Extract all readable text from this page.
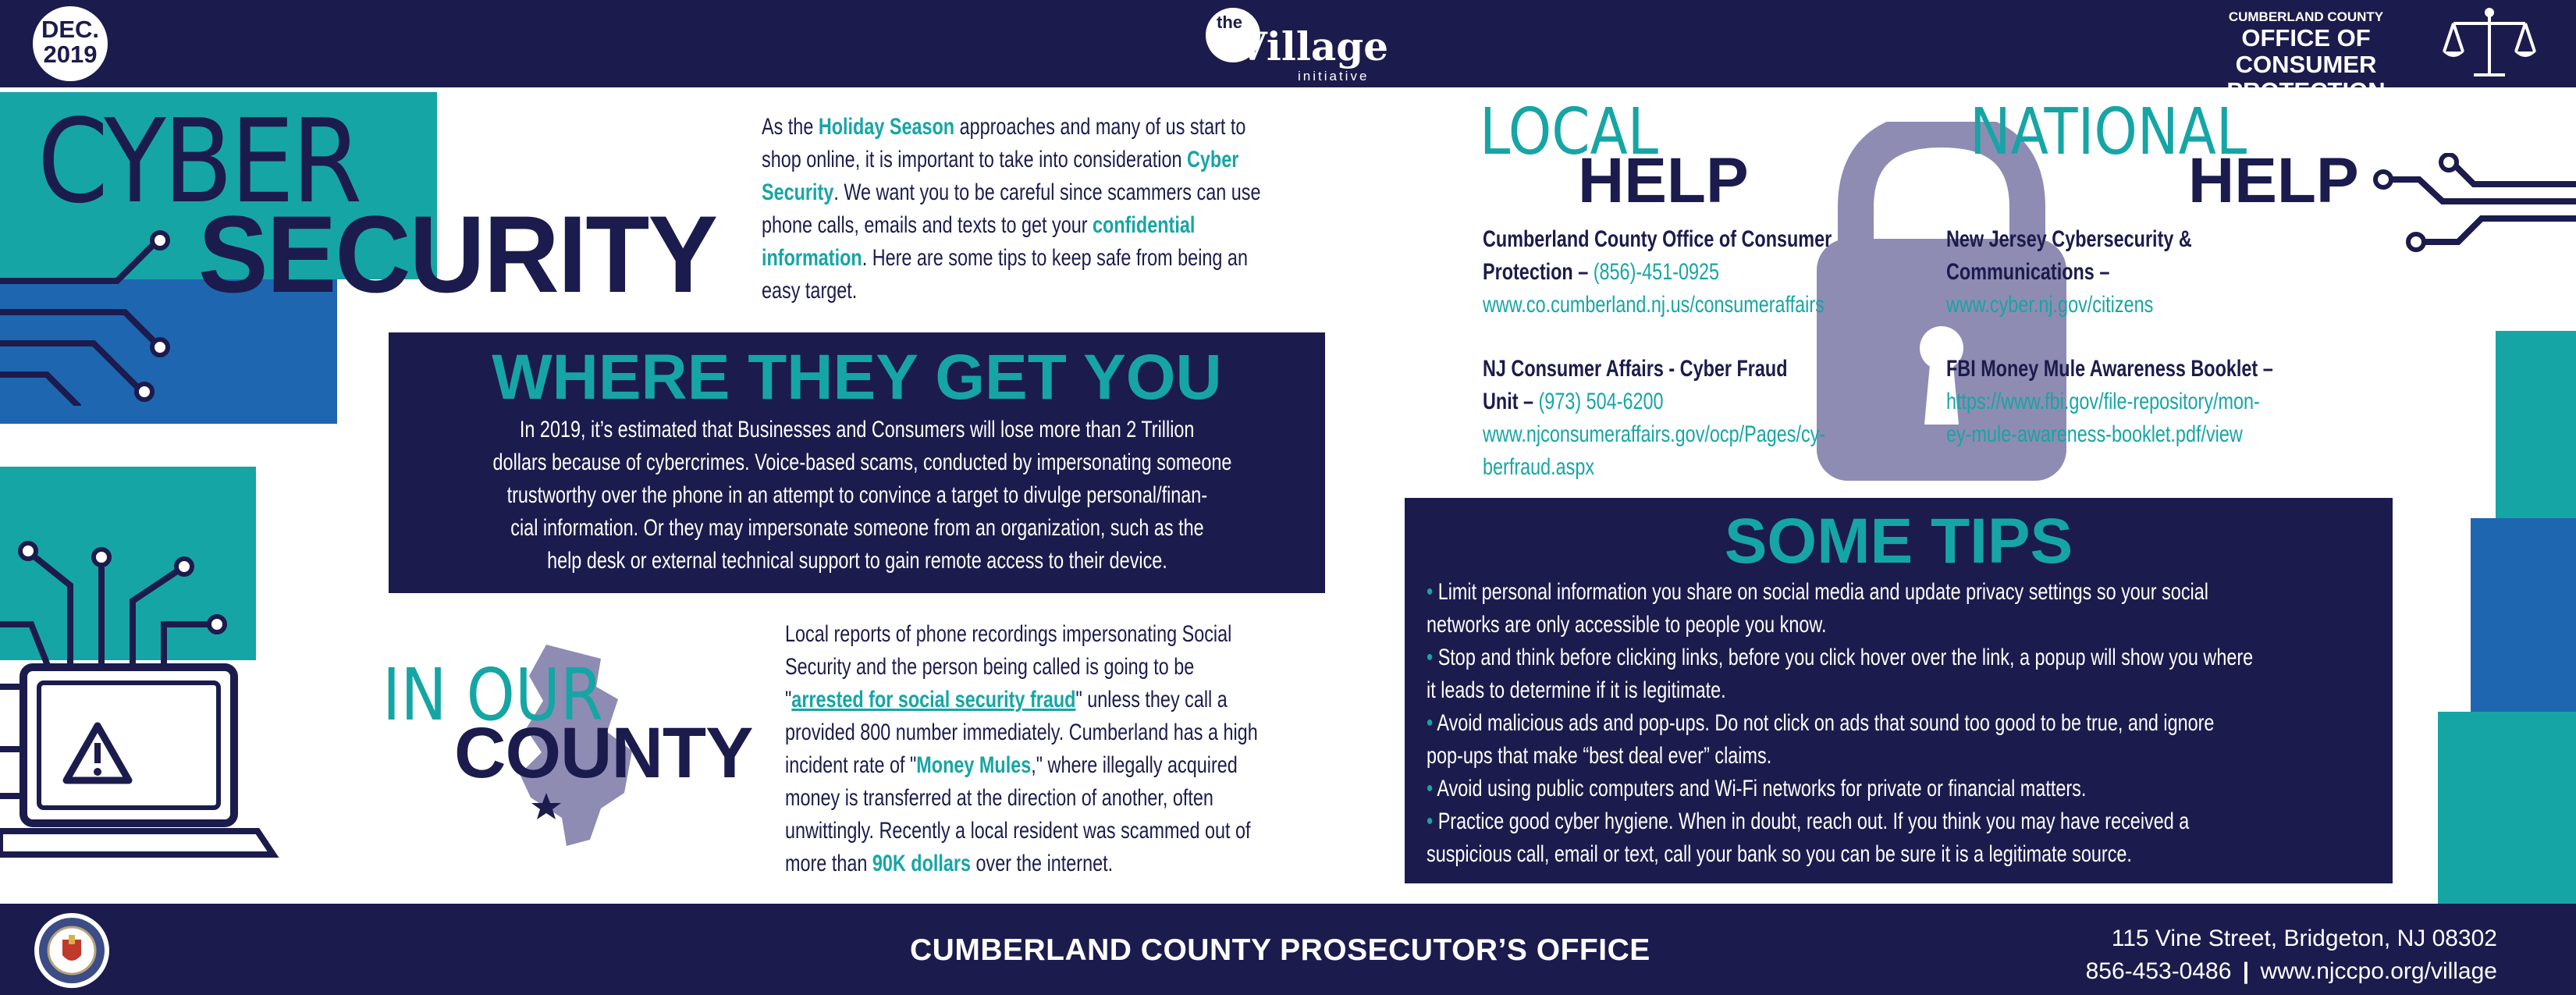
DEC.
2019
the
Village
initiative
CUMBERLAND COUNTY
OFFICE OF CONSUMER
PROTECTION
CYBER
SECURITY
As the Holiday Season approaches and many of us start to
shop online, it is important to take into consideration Cyber
Security. We want you to be careful since scammers can use
phone calls, emails and texts to get your confidential
information. Here are some tips to keep safe from being an
easy target.
WHERE THEY GET YOU
In 2019, it’s estimated that Businesses and Consumers will lose more than 2 Trillion
dollars because of cybercrimes. Voice-based scams, conducted by impersonating someone
trustworthy over the phone in an attempt to convince a target to divulge personal/finan-
cial information. Or they may impersonate someone from an organization, such as the
help desk or external technical support to gain remote access to their device.
IN OUR
COUNTY
Local reports of phone recordings impersonating Social
Security and the person being called is going to be
"arrested for social security fraud" unless they call a
provided 800 number immediately. Cumberland has a high
incident rate of "Money Mules," where illegally acquired
money is transferred at the direction of another, often
unwittingly. Recently a local resident was scammed out of
more than 90K dollars over the internet.
LOCAL
HELP
Cumberland County Office of Consumer
Protection – (856)-451-0925
www.co.cumberland.nj.us/consumeraffairs
NJ Consumer Affairs - Cyber Fraud
Unit – (973) 504-6200
www.njconsumeraffairs.gov/ocp/Pages/cy-
berfraud.aspx
NATIONAL
HELP
New Jersey Cybersecurity &
Communications –
www.cyber.nj.gov/citizens
FBI Money Mule Awareness Booklet –
https://www.fbi.gov/file-repository/mon-
ey-mule-awareness-booklet.pdf/view
SOME TIPS
• Limit personal information you share on social media and update privacy settings so your social
networks are only accessible to people you know.
• Stop and think before clicking links, before you click hover over the link, a popup will show you where
it leads to determine if it is legitimate.
• Avoid malicious ads and pop-ups. Do not click on ads that sound too good to be true, and ignore
pop-ups that make “best deal ever” claims.
• Avoid using public computers and Wi-Fi networks for private or financial matters.
• Practice good cyber hygiene. When in doubt, reach out. If you think you may have received a
suspicious call, email or text, call your bank so you can be sure it is a legitimate source.
CUMBERLAND COUNTY PROSECUTOR’S OFFICE	115 Vine Street, Bridgeton, NJ 08302
856-453-0486 | www.njccpo.org/village
